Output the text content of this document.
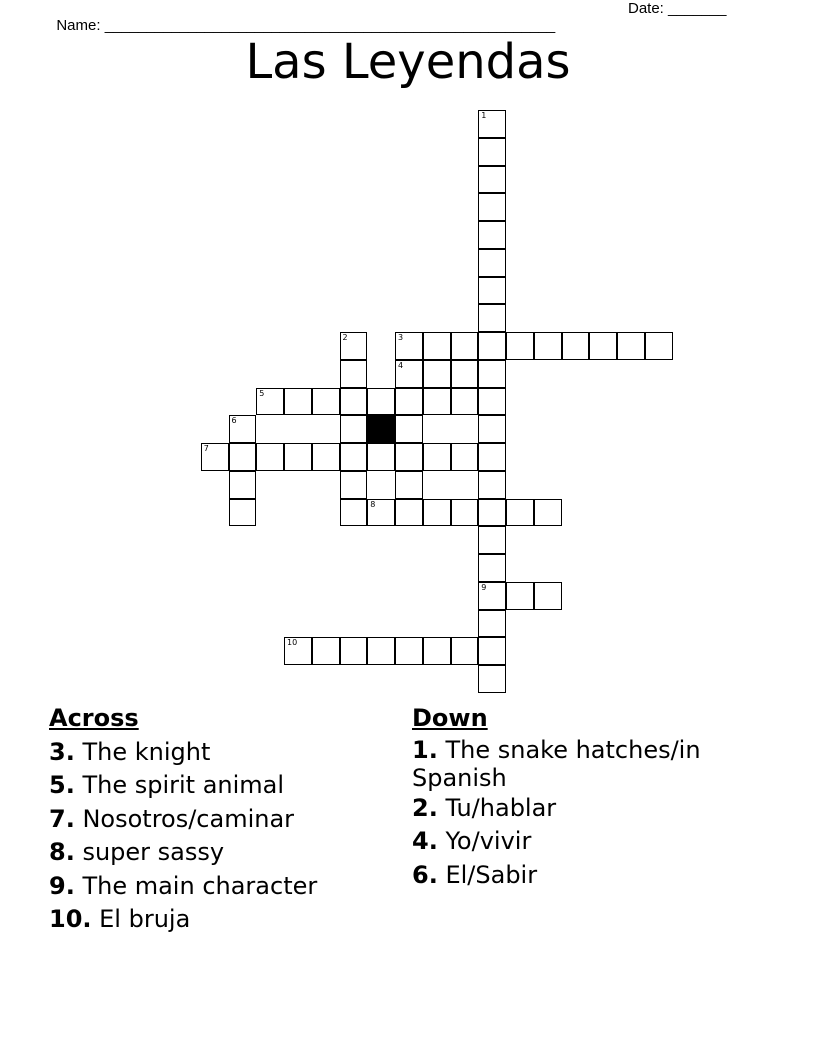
Name: ______________________________________________________

Date: _______

Las Leyendas
1
9
2	3
4
5
6
7
8
10
Across
3. The knight
5. The spirit animal
7. Nosotros/caminar
8. super sassy
9. The main character
10. El bruja
Down
1. The snake hatches/in Spanish
2. Tu/hablar
4. Yo/vivir
6. El/Sabir
